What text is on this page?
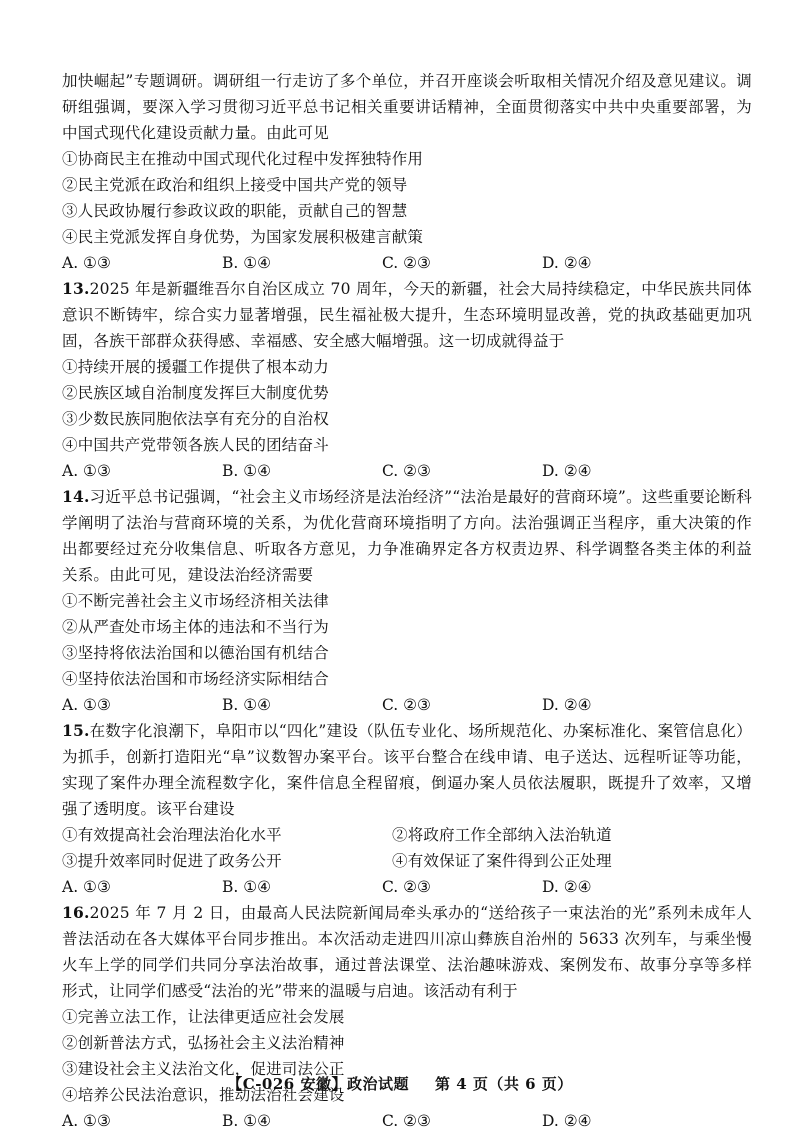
加快崛起”专题调研。调研组一行走访了多个单位，并召开座谈会听取相关情况介绍及意见建议。调研组强调，要深入学习贯彻习近平总书记相关重要讲话精神，全面贯彻落实中共中央重要部署，为中国式现代化建设贡献力量。由此可见

①协商民主在推动中国式现代化过程中发挥独特作用

②民主党派在政治和组织上接受中国共产党的领导

③人民政协履行参政议政的职能，贡献自己的智慧

④民主党派发挥自身优势，为国家发展积极建言献策

A. ①③	B. ①④	C. ②③	D. ②④

13.2025 年是新疆维吾尔自治区成立 70 周年，今天的新疆，社会大局持续稳定，中华民族共同体意识不断铸牢，综合实力显著增强，民生福祉极大提升，生态环境明显改善，党的执政基础更加巩固，各族干部群众获得感、幸福感、安全感大幅增强。这一切成就得益于

①持续开展的援疆工作提供了根本动力

②民族区域自治制度发挥巨大制度优势

③少数民族同胞依法享有充分的自治权

④中国共产党带领各族人民的团结奋斗

A. ①③	B. ①④	C. ②③	D. ②④

14.习近平总书记强调，“社会主义市场经济是法治经济”“法治是最好的营商环境”。这些重要论断科学阐明了法治与营商环境的关系，为优化营商环境指明了方向。法治强调正当程序，重大决策的作出都要经过充分收集信息、听取各方意见，力争准确界定各方权责边界、科学调整各类主体的利益关系。由此可见，建设法治经济需要

①不断完善社会主义市场经济相关法律

②从严查处市场主体的违法和不当行为

③坚持将依法治国和以德治国有机结合

④坚持依法治国和市场经济实际相结合

A. ①③	B. ①④	C. ②③	D. ②④

15.在数字化浪潮下，阜阳市以“四化”建设（队伍专业化、场所规范化、办案标准化、案管信息化）为抓手，创新打造阳光“阜”议数智办案平台。该平台整合在线申请、电子送达、远程听证等功能，实现了案件办理全流程数字化，案件信息全程留痕，倒逼办案人员依法履职，既提升了效率，又增强了透明度。该平台建设

①有效提高社会治理法治化水平	②将政府工作全部纳入法治轨道
③提升效率同时促进了政务公开	④有效保证了案件得到公正处理
A. ①③	B. ①④	C. ②③	D. ②④

16.2025 年 7 月 2 日，由最高人民法院新闻局牵头承办的“送给孩子一束法治的光”系列未成年人普法活动在各大媒体平台同步推出。本次活动走进四川凉山彝族自治州的 5633 次列车，与乘坐慢火车上学的同学们共同分享法治故事，通过普法课堂、法治趣味游戏、案例发布、故事分享等多样形式，让同学们感受“法治的光”带来的温暖与启迪。该活动有利于

①完善立法工作，让法律更适应社会发展

②创新普法方式，弘扬社会主义法治精神

③建设社会主义法治文化，促进司法公正

④培养公民法治意识，推动法治社会建设

A. ①③	B. ①④	C. ②③	D. ②④
【C-026 安徽】政治试题 第 4 页（共 6 页）
